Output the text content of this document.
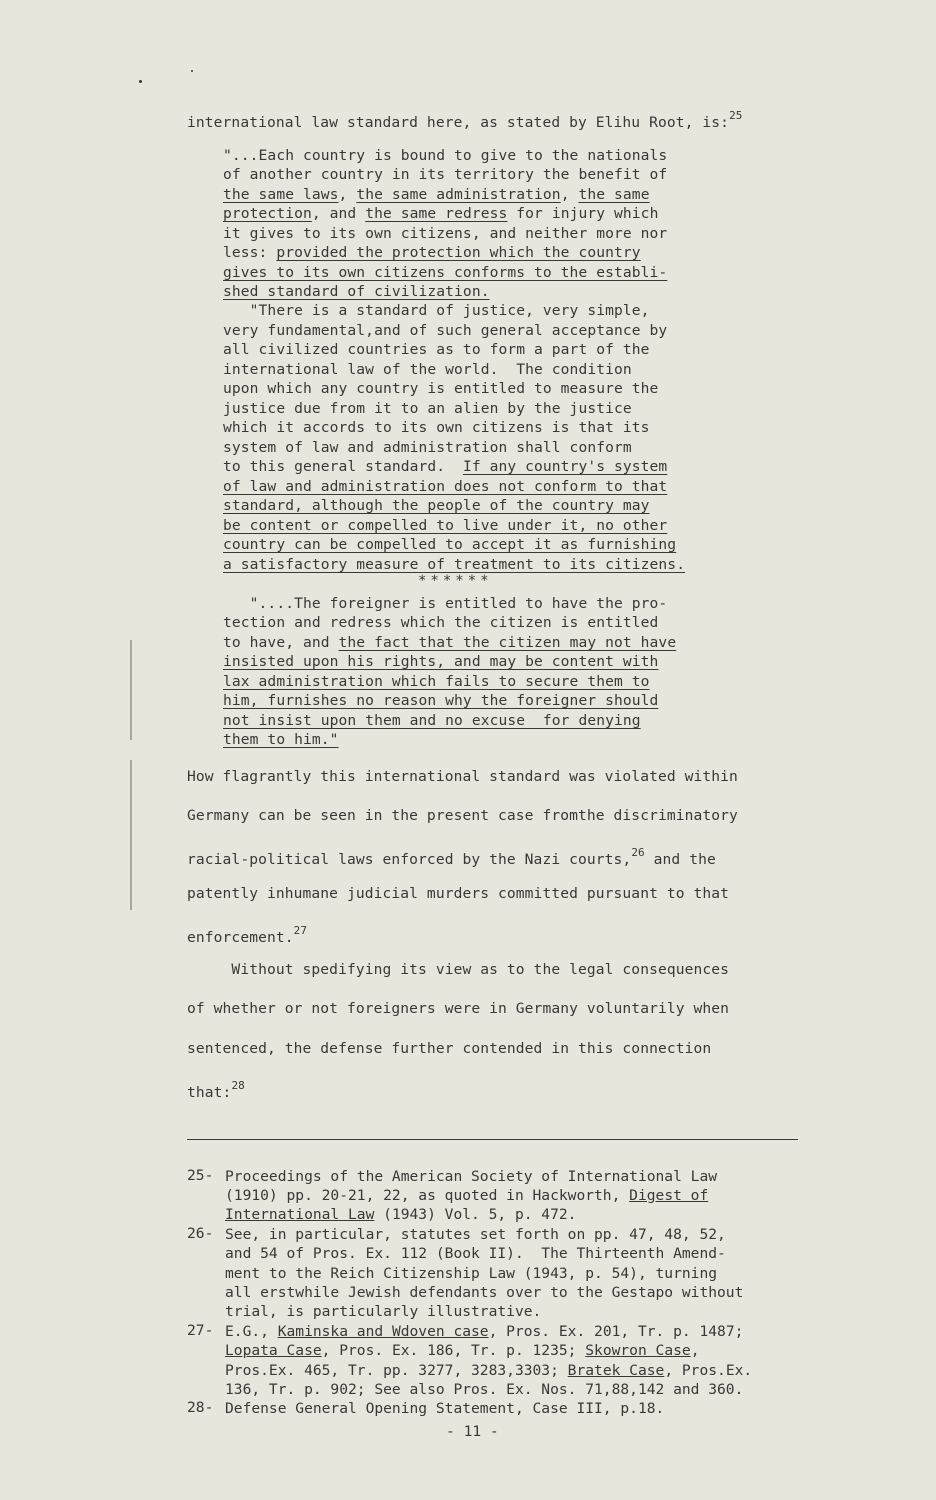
international law standard here, as stated by Elihu Root, is:$^{25}$
"...Each country is bound to give to the nationals
of another country in its territory the benefit of
the same laws, the same administration, the same
protection, and the same redress for injury which
it gives to its own citizens, and neither more nor
less: provided the protection which the country
gives to its own citizens conforms to the establi-
shed standard of civilization.
"There is a standard of justice, very simple,
very fundamental,and of such general acceptance by
all civilized countries as to form a part of the
international law of the world.  The condition
upon which any country is entitled to measure the
justice due from it to an alien by the justice
which it accords to its own citizens is that its
system of law and administration shall conform
to this general standard.  If any country's system
of law and administration does not conform to that
standard, although the people of the country may
be content or compelled to live under it, no other
country can be compelled to accept it as furnishing
a satisfactory measure of treatment to its citizens.
******
"....The foreigner is entitled to have the pro-
tection and redress which the citizen is entitled
to have, and the fact that the citizen may not have
insisted upon his rights, and may be content with
lax administration which fails to secure them to
him, furnishes no reason why the foreigner should
not insist upon them and no excuse  for denying
them to him."
How flagrantly this international standard was violated within
Germany can be seen in the present case fromthe discriminatory
racial-political laws enforced by the Nazi courts,$^{26}$ and the
patently inhumane judicial murders committed pursuant to that
enforcement.$^{27}$
Without spedifying its view as to the legal consequences
of whether or not foreigners were in Germany voluntarily when
sentenced, the defense further contended in this connection
that:$^{28}$
25- Proceedings of the American Society of International Law
(1910) pp. 20-21, 22, as quoted in Hackworth, Digest of
International Law (1943) Vol. 5, p. 472.
26- See, in particular, statutes set forth on pp. 47, 48, 52,
and 54 of Pros. Ex. 112 (Book II).  The Thirteenth Amend-
ment to the Reich Citizenship Law (1943, p. 54), turning
all erstwhile Jewish defendants over to the Gestapo without
trial, is particularly illustrative.
27- E.G., Kaminska and Wdoven case, Pros. Ex. 201, Tr. p. 1487;
Lopata Case, Pros. Ex. 186, Tr. p. 1235; Skowron Case,
Pros.Ex. 465, Tr. pp. 3277, 3283,3303; Bratek Case, Pros.Ex.
136, Tr. p. 902; See also Pros. Ex. Nos. 71,88,142 and 360.
28- Defense General Opening Statement, Case III, p.18.
- 11 -
